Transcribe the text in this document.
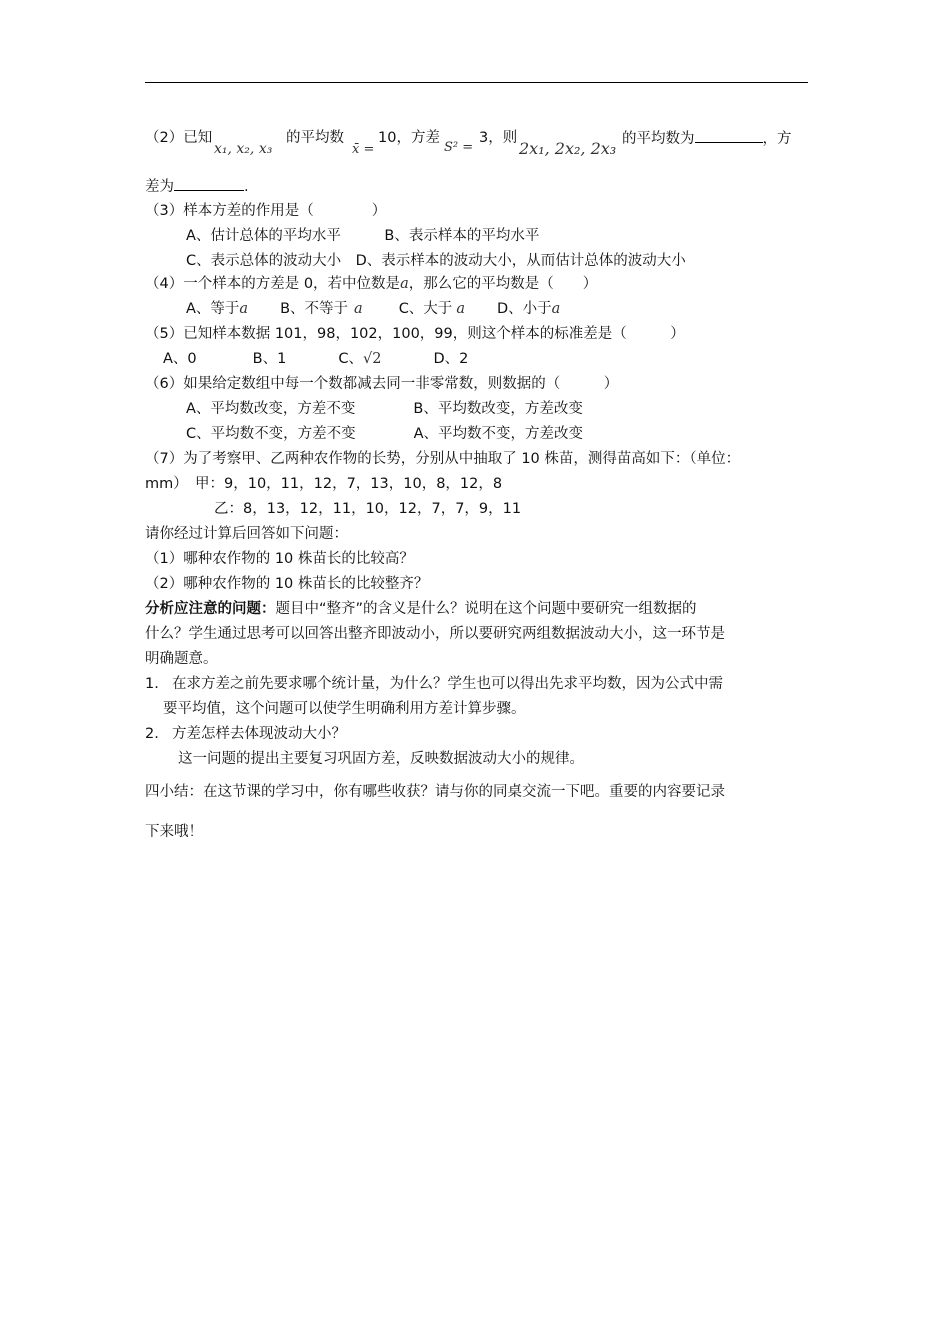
（2）已知
x₁, x₂, x₃
的平均数
x̄ =
10，方差
S² =
3，则
2x₁, 2x₂, 2x₃ 的平均数为	，方
差为	.
（3）样本方差的作用是（　　　　）
A、估计总体的平均水平　　　B、表示样本的平均水平
C、表示总体的波动大小　D、表示样本的波动大小，从而估计总体的波动大小
（4）一个样本的方差是 0，若中位数是a，那么它的平均数是（　　）
A、等于a B、不等于 a C、大于 a D、小于a
（5）已知样本数据 101，98，102，100，99，则这个样本的标准差是（　　　）
A、0	B、1	C、√2	D、2
（6）如果给定数组中每一个数都减去同一非零常数，则数据的（　　　）
A、平均数改变，方差不变　　　　B、平均数改变，方差改变
C、平均数不变，方差不变　　　　A、平均数不变，方差改变
（7）为了考察甲、乙两种农作物的长势，分别从中抽取了 10 株苗，测得苗高如下：（单位：
mm）　甲：9，10，11，12，7，13，10，8，12，8
乙：8，13，12，11，10，12，7，7，9，11
请你经过计算后回答如下问题：
（1）哪种农作物的 10 株苗长的比较高？
（2）哪种农作物的 10 株苗长的比较整齐？
分析应注意的问题：题目中“整齐”的含义是什么？说明在这个问题中要研究一组数据的
什么？学生通过思考可以回答出整齐即波动小，所以要研究两组数据波动大小，这一环节是
明确题意。
1. 在求方差之前先要求哪个统计量，为什么？学生也可以得出先求平均数，因为公式中需
要平均值，这个问题可以使学生明确利用方差计算步骤。
2. 方差怎样去体现波动大小？
这一问题的提出主要复习巩固方差，反映数据波动大小的规律。
四小结：在这节课的学习中，你有哪些收获？请与你的同桌交流一下吧。重要的内容要记录
下来哦！
